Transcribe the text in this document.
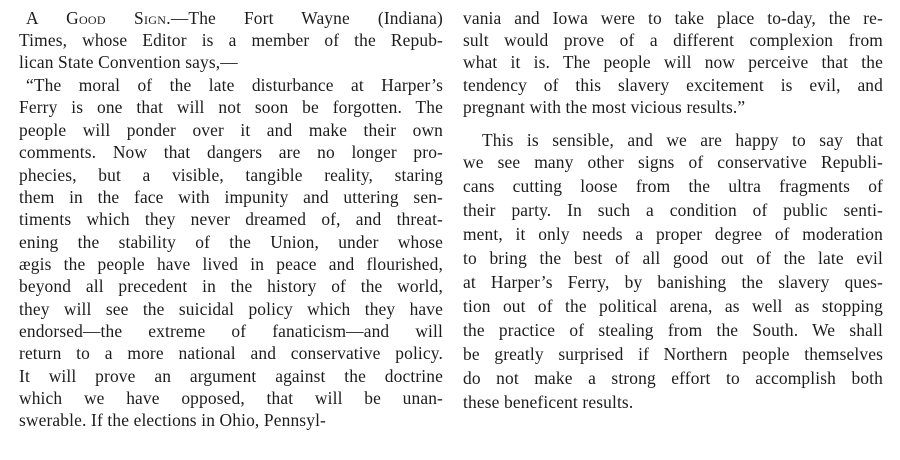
A Good Sign.—The Fort Wayne (Indiana)
Times, whose Editor is a member of the Repub-
lican State Convention says,—
“The moral of the late disturbance at Harper’s
Ferry is one that will not soon be forgotten. The
people will ponder over it and make their own
comments. Now that dangers are no longer pro-
phecies, but a visible, tangible reality, staring
them in the face with impunity and uttering sen-
timents which they never dreamed of, and threat-
ening the stability of the Union, under whose
ægis the people have lived in peace and flourished,
beyond all precedent in the history of the world,
they will see the suicidal policy which they have
endorsed—the extreme of fanaticism—and will
return to a more national and conservative policy.
It will prove an argument against the doctrine
which we have opposed, that will be unan-
swerable. If the elections in Ohio, Pennsyl-
vania and Iowa were to take place to-day, the re-
sult would prove of a different complexion from
what it is. The people will now perceive that the
tendency of this slavery excitement is evil, and
pregnant with the most vicious results.”
This is sensible, and we are happy to say that
we see many other signs of conservative Republi-
cans cutting loose from the ultra fragments of
their party. In such a condition of public senti-
ment, it only needs a proper degree of moderation
to bring the best of all good out of the late evil
at Harper’s Ferry, by banishing the slavery ques-
tion out of the political arena, as well as stopping
the practice of stealing from the South. We shall
be greatly surprised if Northern people themselves
do not make a strong effort to accomplish both
these beneficent results.
